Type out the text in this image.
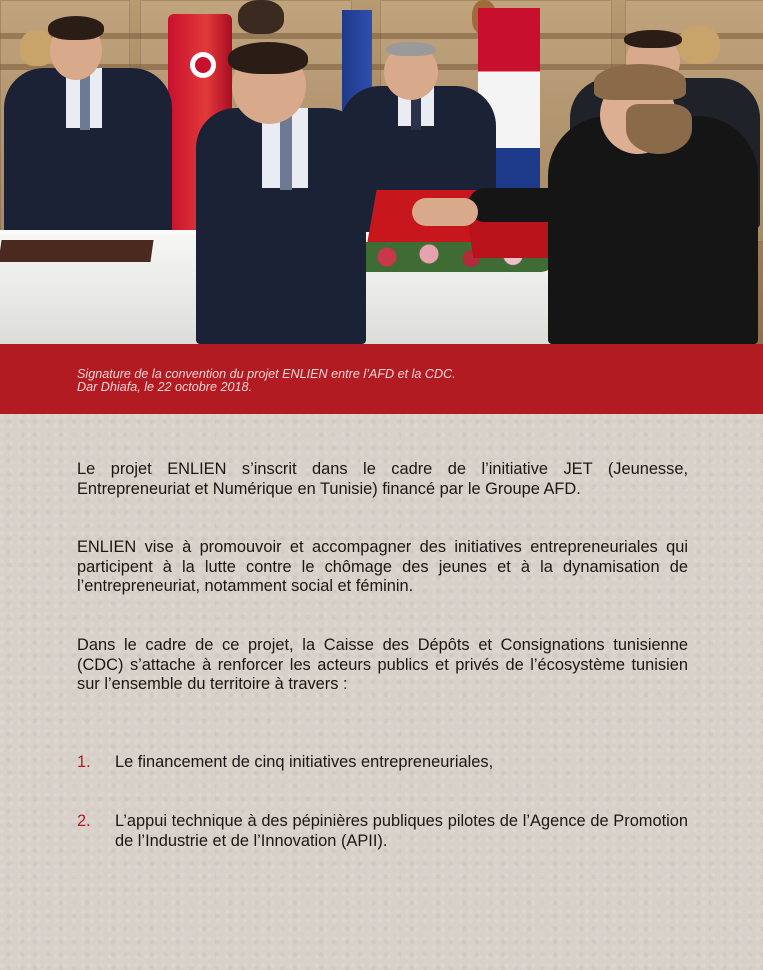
Signature de la convention du projet ENLIEN entre l’AFD et la CDC.
Dar Dhiafa, le 22 octobre 2018.

Le projet ENLIEN s’inscrit dans le cadre de l’initiative JET (Jeunesse, Entrepreneuriat et Numérique en Tunisie) financé par le Groupe AFD.

ENLIEN vise à promouvoir et accompagner des initiatives entrepreneuriales qui participent à la lutte contre le chômage des jeunes et à la dynamisation de l’entrepreneuriat, notamment social et féminin.

Dans le cadre de ce projet, la Caisse des Dépôts et Consignations tunisienne (CDC) s’attache à renforcer les acteurs publics et privés de l’écosystème tunisien sur l’ensemble du territoire à travers :

1.	Le financement de cinq initiatives entrepreneuriales,

2.	L’appui technique à des pépinières publiques pilotes de l’Agence de Promotion de l’Industrie et de l’Innovation (APII).
